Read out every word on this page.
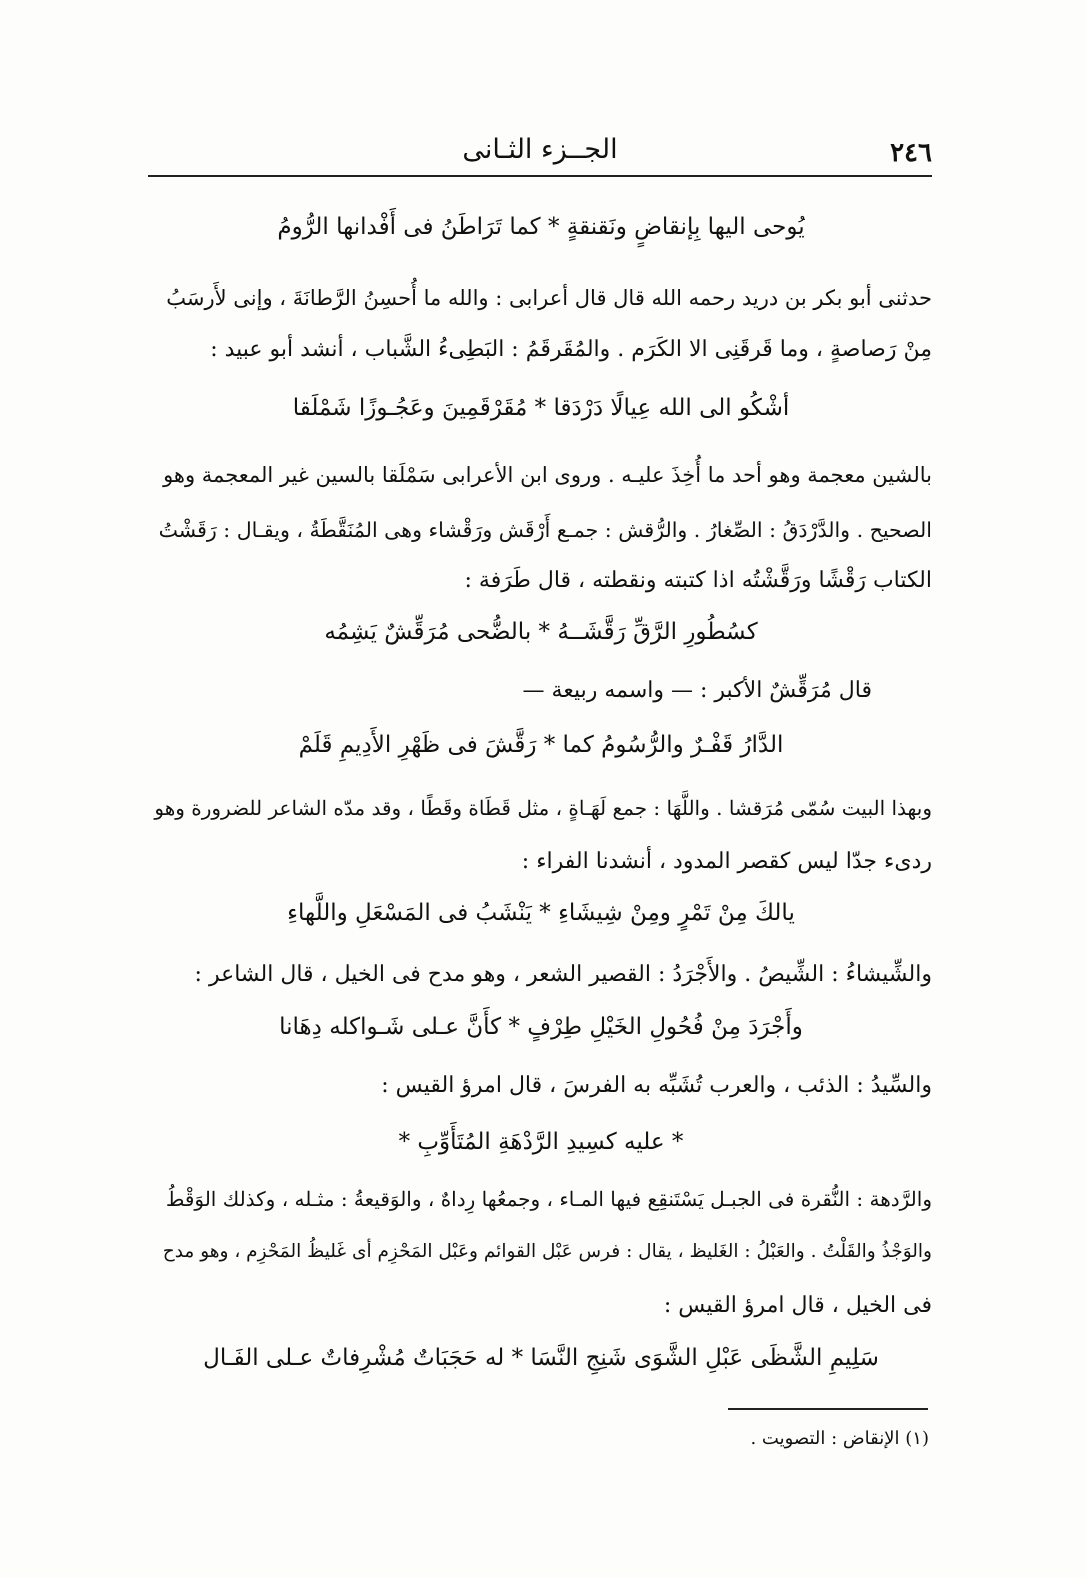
٢٤٦
الجــزء الثـانى
يُوحى اليها بِإنقاضٍ ونَقنقةٍ * كما تَرَاطَنُ فى أَفْدانها الرُّومُ
حدثنى أبو بكر بن دريد رحمه الله قال قال أعرابى : والله ما أُحسِنُ الرَّطانَةَ ، وإنى لأَرسَبُ
مِنْ رَصاصةٍ ، وما قَرقَنِى الا الكَرَم . والمُقَرقَمُ : البَطِىءُ الشَّباب ، أنشد أبو عبيد :
أشْكُو الى الله عِيالًا دَرْدَقا * مُقَرْقَمِينَ وعَجُـوزًا شَمْلَقا
بالشين معجمة وهو أحد ما أُخِذَ عليـه . وروى ابن الأعرابى سَمْلَقا بالسين غير المعجمة وهو
الصحيح . والدَّرْدَقُ : الصِّغارُ . والرُّقش : جمـع أَرْقَش ورَقْشاء وهى المُنَقَّطَةُ ، ويقـال : رَقَشْتُ
الكتاب رَقْشًا ورَقَّشْتُه اذا كتبته ونقطته ، قال طَرَفة :
كسُطُورِ الرَّقِّ رَقَّشَــهُ * بالضُّحى مُرَقِّشٌ يَشِمُه
قال مُرَقِّشٌ الأكبر : — واسمه ربيعة —
الدَّارُ قَفْـرٌ والرُّسُومُ كما * رَقَّشَ فى ظَهْرِ الأَدِيمِ قَلَمْ
وبهذا البيت سُمّى مُرَقشا . واللَّهَا : جمع لَهَـاةٍ ، مثل قَطَاة وقَطًا ، وقد مدّه الشاعر للضرورة وهو
ردىء جدّا ليس كقصر المدود ، أنشدنا الفراء :
يالكَ مِنْ تَمْرٍ ومِنْ شِيشَاءِ * يَنْشَبُ فى المَسْعَلِ واللَّهاءِ
والشِّيشاءُ : الشِّيصُ . والأَجْرَدُ : القصير الشعر ، وهو مدح فى الخيل ، قال الشاعر :
وأَجْرَدَ مِنْ فُحُولِ الخَيْلِ طِرْفٍ * كأَنَّ عـلى شَـواكله دِهَانا
والسِّيدُ : الذئب ، والعرب تُشَبِّه به الفرسَ ، قال امرؤ القيس :
* عليه كسِيدِ الرَّدْهَةِ المُتَأَوِّبِ *
والرَّدهة : النُّقرة فى الجبـل يَسْتَنقِع فيها المـاء ، وجمعُها رِداهٌ ، والوَقيعةُ : مثـله ، وكذلك الوَقْطُ
والوَجْذُ والقَلْتُ . والعَبْلُ : الغَليظ ، يقال : فرس عَبْل القوائم وعَبْل المَحْزِم أى غَليظُ المَحْزِم ، وهو مدح
فى الخيل ، قال امرؤ القيس :
سَلِيمِ الشَّظَى عَبْلِ الشَّوَى شَنِجِ النَّسَا * له حَجَبَاتٌ مُشْرِفاتٌ عـلى الفَـال
(١) الإنقاض : التصويت .
